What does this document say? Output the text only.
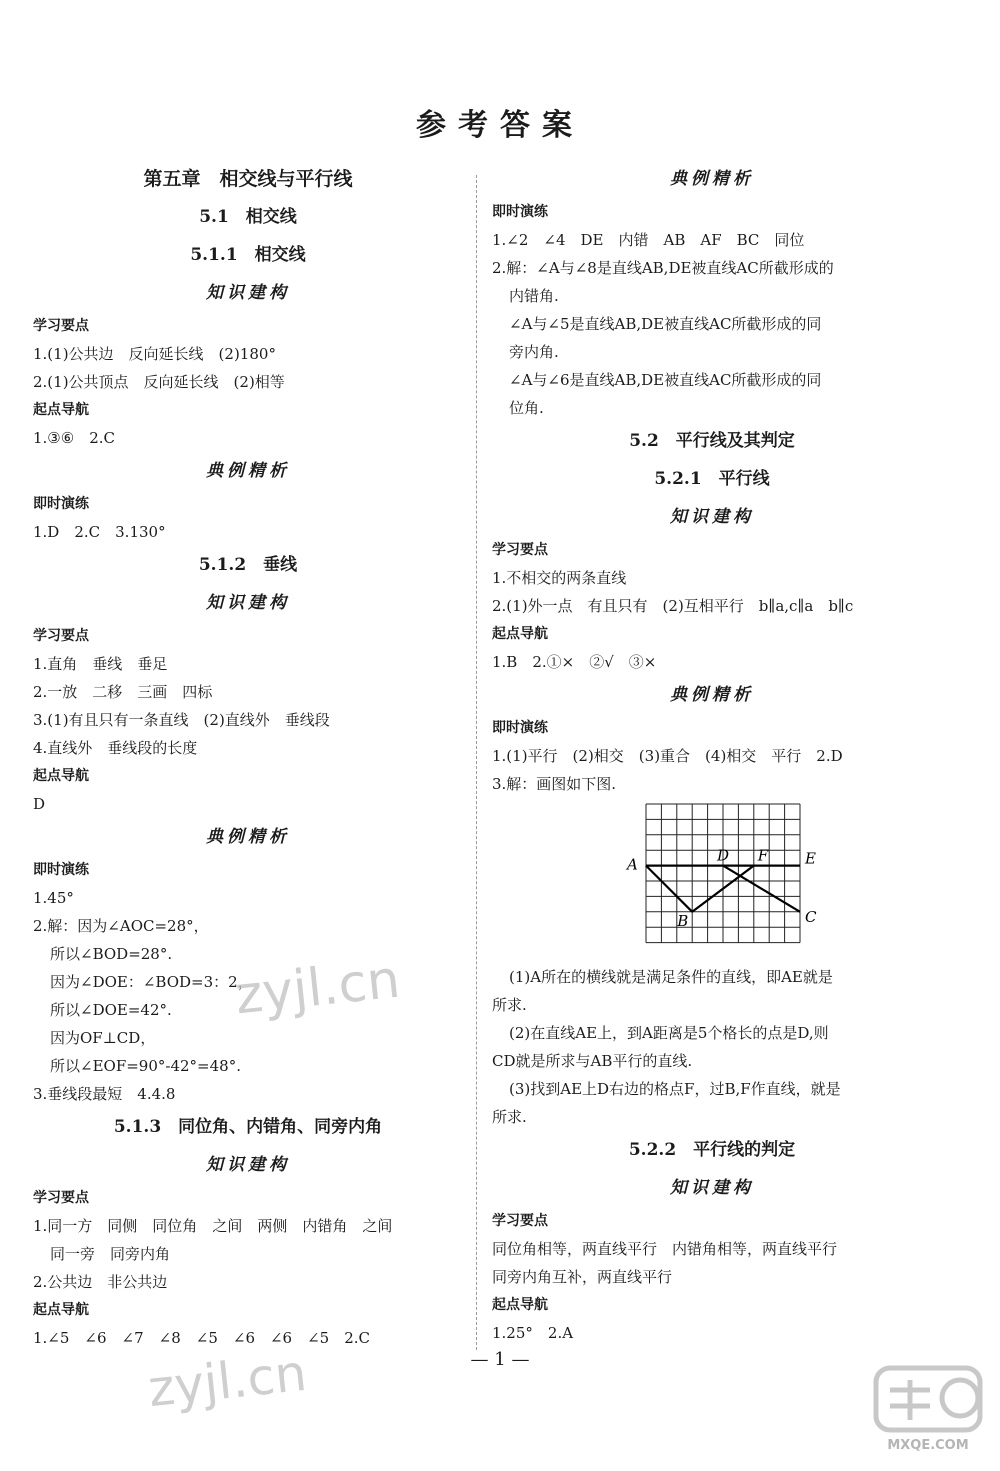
参考答案
第五章　相交线与平行线
5.1　相交线
5.1.1　相交线
知识建构
学习要点
1.(1)公共边　反向延长线　(2)180°
2.(1)公共顶点　反向延长线　(2)相等
起点导航
1.③⑥　2.C
典例精析
即时演练
1.D　2.C　3.130°
5.1.2　垂线
知识建构
学习要点
1.直角　垂线　垂足
2.一放　二移　三画　四标
3.(1)有且只有一条直线　(2)直线外　垂线段
4.直线外　垂线段的长度
起点导航
D
典例精析
即时演练
1.45°
2.解：因为∠AOC=28°，
所以∠BOD=28°.
因为∠DOE：∠BOD=3：2，
所以∠DOE=42°.
因为OF⊥CD，
所以∠EOF=90°-42°=48°.
3.垂线段最短　4.4.8
5.1.3　同位角、内错角、同旁内角
知识建构
学习要点
1.同一方　同侧　同位角　之间　两侧　内错角　之间
同一旁　同旁内角
2.公共边　非公共边
起点导航
1.∠5　∠6　∠7　∠8　∠5　∠6　∠6　∠5　2.C
典例精析
即时演练
1.∠2　∠4　DE　内错　AB　AF　BC　同位
2.解：∠A与∠8是直线AB,DE被直线AC所截形成的
内错角.
∠A与∠5是直线AB,DE被直线AC所截形成的同
旁内角.
∠A与∠6是直线AB,DE被直线AC所截形成的同
位角.
5.2　平行线及其判定
5.2.1　平行线
知识建构
学习要点
1.不相交的两条直线
2.(1)外一点　有且只有　(2)互相平行　b∥a,c∥a　b∥c
起点导航
1.B　2.①×　②√　③×
典例精析
即时演练
1.(1)平行　(2)相交　(3)重合　(4)相交　平行　2.D
3.解：画图如下图.
A	E
D F
B	C
(1)A所在的横线就是满足条件的直线，即AE就是
所求.
(2)在直线AE上，到A距离是5个格长的点是D,则
CD就是所求与AB平行的直线.
(3)找到AE上D右边的格点F，过B,F作直线，就是
所求.
5.2.2　平行线的判定
知识建构
学习要点
同位角相等，两直线平行　内错角相等，两直线平行
同旁内角互补，两直线平行
起点导航
1.25°　2.A
zyjl.cn
zyjl.cn	— 1 —
MXQE.COM
